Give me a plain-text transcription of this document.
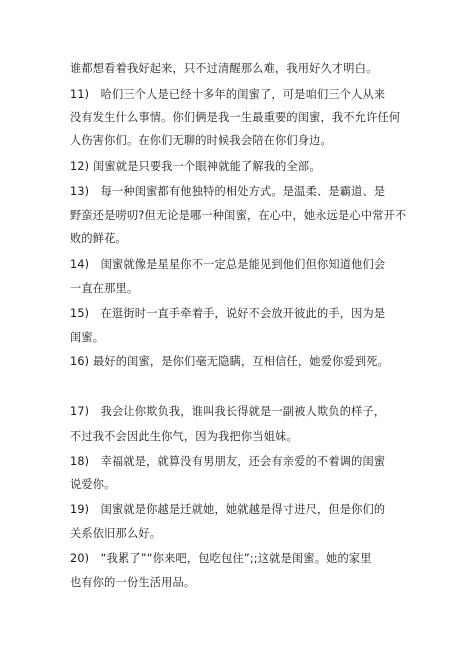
谁都想看着我好起来，只不过清醒那么难，我用好久才明白。
11)　哈们三个人是已经十多年的闺蜜了，可是咱们三个人从来
没有发生什么事情。你们俩是我一生最重要的闺蜜，我不允许任何
人伤害你们。在你们无聊的时候我会陪在你们身边。
12) 闺蜜就是只要我一个眼神就能了解我的全部。
13)　每一种闺蜜都有他独特的相处方式。是温柔、是霸道、是
野蛮还是唠叨?但无论是哪一种闺蜜，在心中，她永远是心中常开不
败的鲜花。
14)　闺蜜就像是星星你不一定总是能见到他们但你知道他们会
一直在那里。
15)　在逛街时一直手牵着手，说好不会放开彼此的手，因为是
闺蜜。
16) 最好的闺蜜，是你们毫无隐瞒，互相信任，她爱你爱到死。
17)　我会让你欺负我，谁叫我长得就是一副被人欺负的样子，
不过我不会因此生你气，因为我把你当姐妹。
18)　幸福就是，就算没有男朋友，还会有亲爱的不着调的闺蜜
说爱你。
19)　闺蜜就是你越是迁就她，她就越是得寸进尺，但是你们的
关系依旧那么好。
20)　“我累了”“你来吧，包吃包住”;;这就是闺蜜。她的家里
也有你的一份生活用品。
